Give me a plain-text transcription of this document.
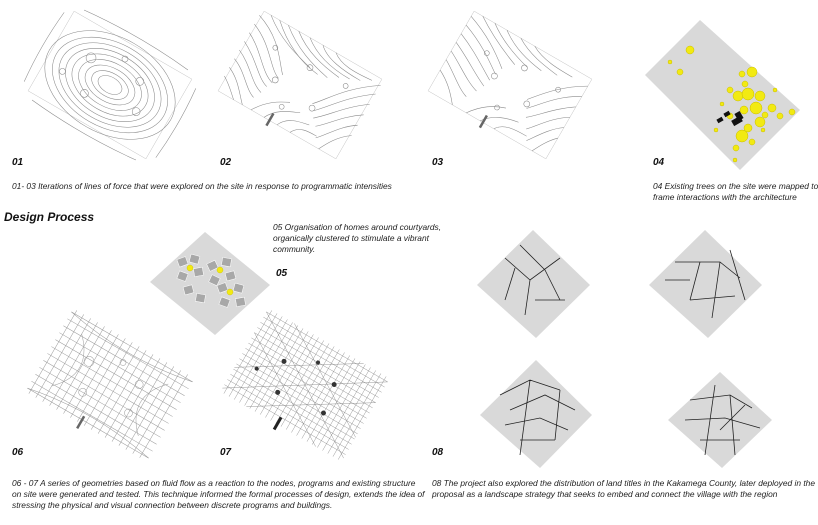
01	02	03	04
01- 03 Iterations of lines of force that were explored on the site in response to programmatic intensities	04 Existing trees on the site were mapped to
frame interactions with the architecture
Design Process
05
05 Organisation of homes around courtyards,
organically clustered to stimulate a vibrant
community.
06	07	08
06 - 07 A series of geometries based on fluid flow as a reaction to the nodes, programs and existing structure
on site were generated and tested. This technique informed the formal processes of design, extends the idea of
stressing the physical and visual connection between discrete programs and buildings.
08 The project also explored the distribution of land titles in the Kakamega County, later deployed in the
proposal as a landscape strategy that seeks to embed and connect the village with the region
